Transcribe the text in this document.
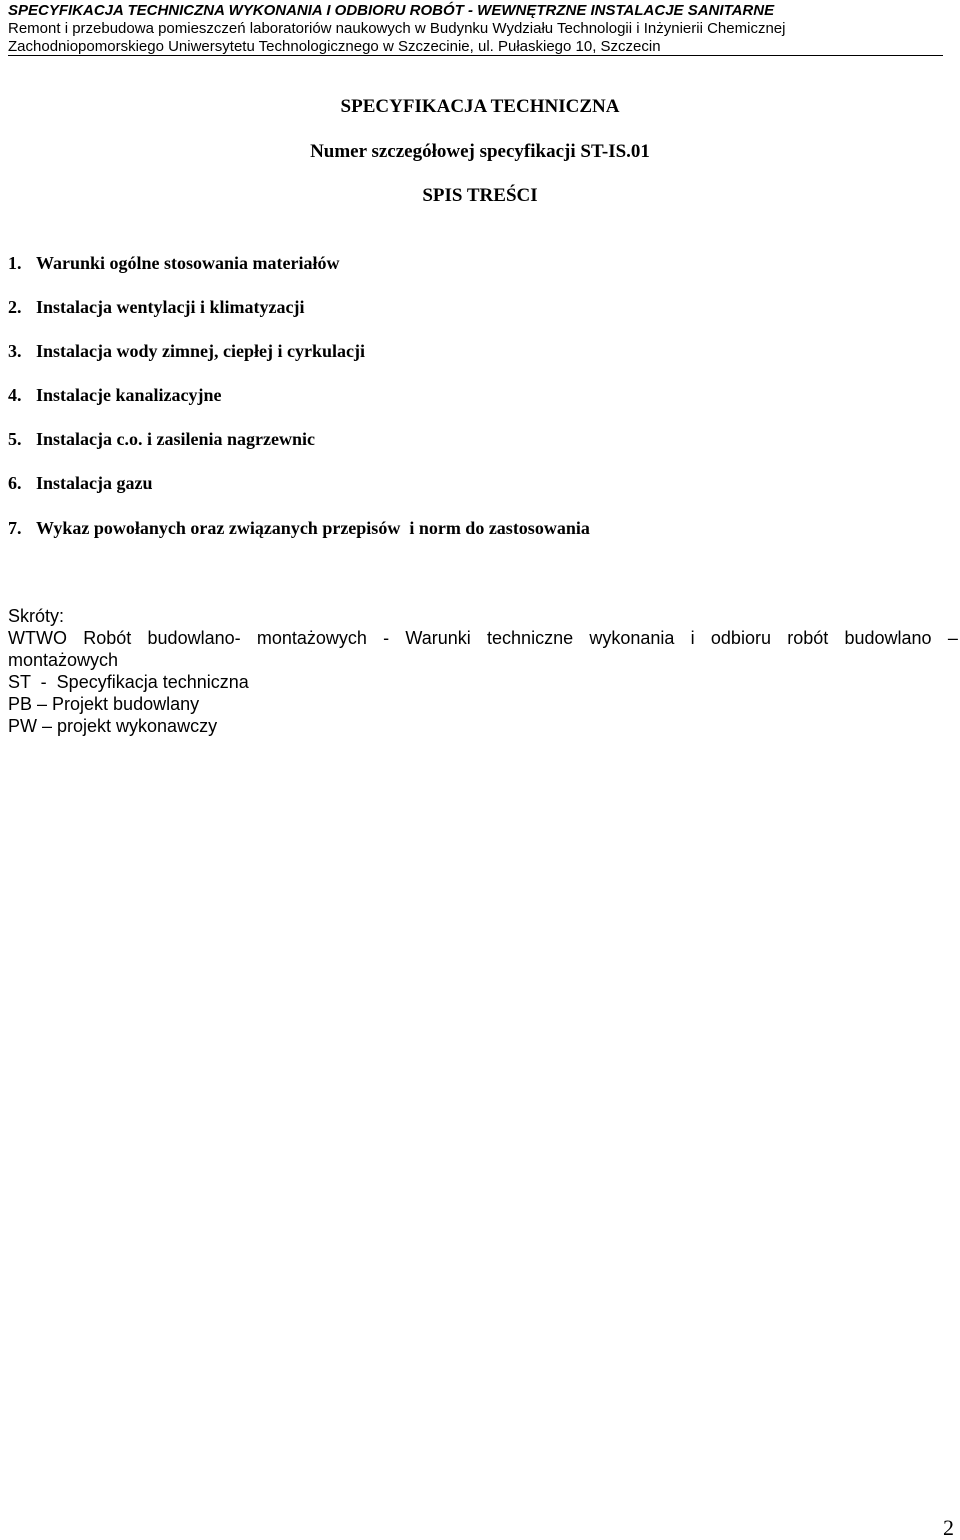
SPECYFIKACJA TECHNICZNA WYKONANIA I ODBIORU ROBÓT - WEWNĘTRZNE INSTALACJE SANITARNE
Remont i przebudowa pomieszczeń laboratoriów naukowych w Budynku Wydziału Technologii i Inżynierii Chemicznej
Zachodniopomorskiego Uniwersytetu Technologicznego w Szczecinie, ul. Pułaskiego 10, Szczecin
SPECYFIKACJA TECHNICZNA
Numer szczegółowej specyfikacji ST-IS.01
SPIS TREŚCI
1. Warunki ogólne stosowania materiałów
2. Instalacja wentylacji i klimatyzacji
3. Instalacja wody zimnej, ciepłej i cyrkulacji
4. Instalacje kanalizacyjne
5. Instalacja c.o. i zasilenia nagrzewnic
6. Instalacja gazu
7. Wykaz powołanych oraz związanych przepisów  i norm do zastosowania
Skróty:
WTWO Robót budowlano- montażowych - Warunki techniczne wykonania i odbioru robót budowlano –
montażowych
ST  -  Specyfikacja techniczna
PB – Projekt budowlany
PW – projekt wykonawczy
2
